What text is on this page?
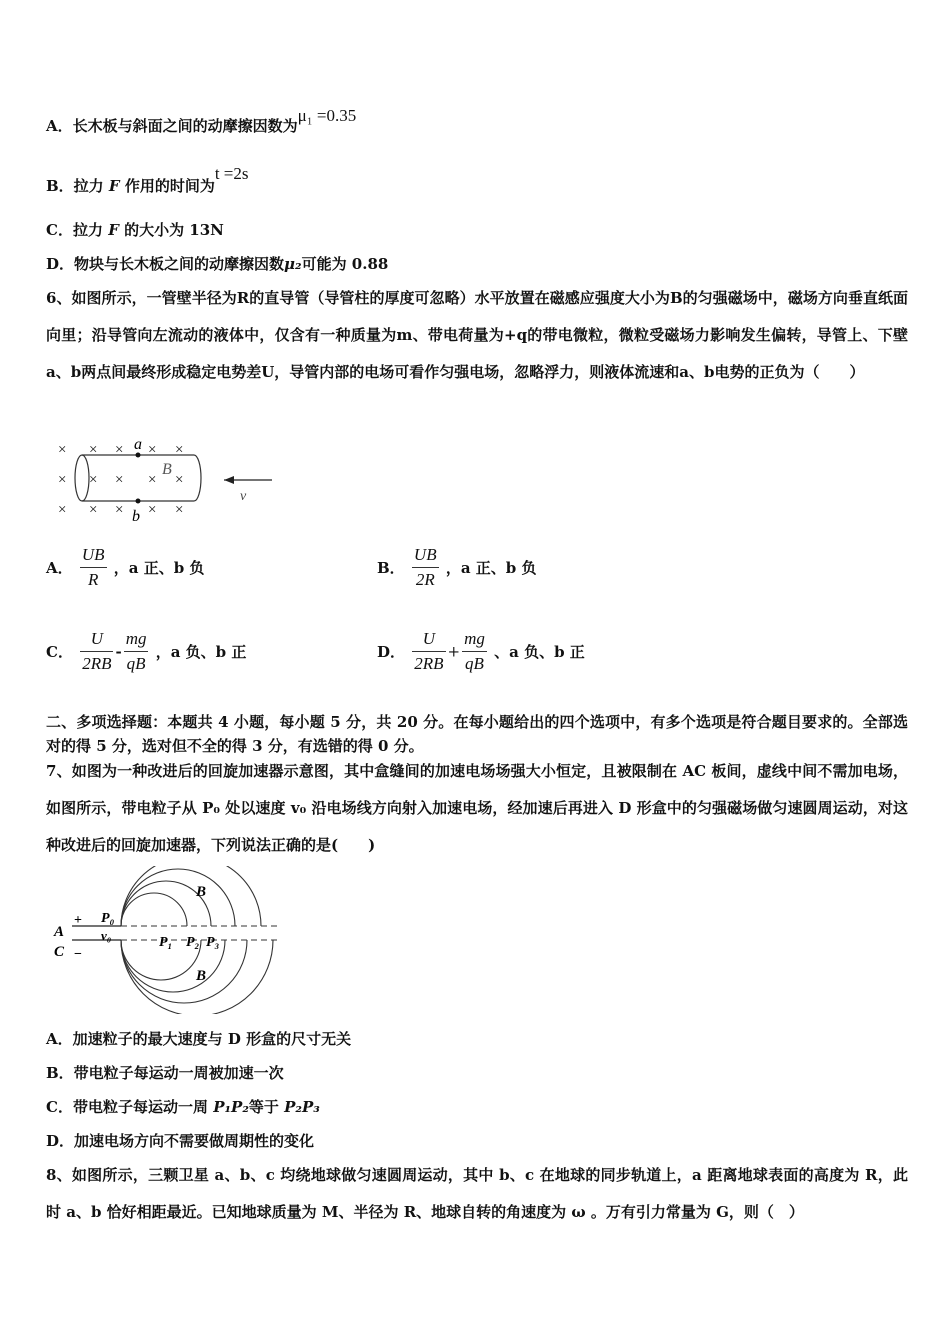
A．长木板与斜面之间的动摩擦因数为μ₁ =0.35
B．拉力 F 作用的时间为t =2s
C．拉力 F 的大小为 13N
D．物块与长木板之间的动摩擦因数μ₂可能为 0.88
6、如图所示，一管壁半径为R的直导管（导管柱的厚度可忽略）水平放置在磁感应强度大小为B的匀强磁场中，磁场方向垂直纸面向里；沿导管向左流动的液体中，仅含有一种质量为m、带电荷量为+q的带电微粒，微粒受磁场力影响发生偏转，导管上、下壁a、b两点间最终形成稳定电势差U，导管内部的电场可看作匀强电场，忽略浮力，则液体流速和a、b电势的正负为（　　）
× × × × ×
× × × × ×
× × × × ×
a
b
B
v
A． $\frac{UB}{R}$ ，a 正、b 负	B． $\frac{UB}{2R}$ ，a 正、b 负
C． $\frac{U}{2RB} - \frac{mg}{qB}$ ，a 负、b 正	D． $\frac{U}{2RB} + \frac{mg}{qB}$ 、a 负、b 正
二、多项选择题：本题共 4 小题，每小题 5 分，共 20 分。在每小题给出的四个选项中，有多个选项是符合题目要求的。全部选对的得 5 分，选对但不全的得 3 分，有选错的得 0 分。
7、如图为一种改进后的回旋加速器示意图，其中盒缝间的加速电场场强大小恒定，且被限制在 AC 板间，虚线中间不需加电场，如图所示，带电粒子从 P₀ 处以速度 v₀ 沿电场线方向射入加速电场，经加速后再进入 D 形盒中的匀强磁场做匀速圆周运动，对这种改进后的回旋加速器，下列说法正确的是(　　)
A
C
+
−
P₀
v₀	P₁ P₂ P₃
B
B
A．加速粒子的最大速度与 D 形盒的尺寸无关
B．带电粒子每运动一周被加速一次
C．带电粒子每运动一周 P₁P₂等于 P₂P₃
D．加速电场方向不需要做周期性的变化
8、如图所示，三颗卫星 a、b、c 均绕地球做匀速圆周运动，其中 b、c 在地球的同步轨道上，a 距离地球表面的高度为 R，此时 a、b 恰好相距最近。已知地球质量为 M、半径为 R、地球自转的角速度为 ω 。万有引力常量为 G，则（　）
